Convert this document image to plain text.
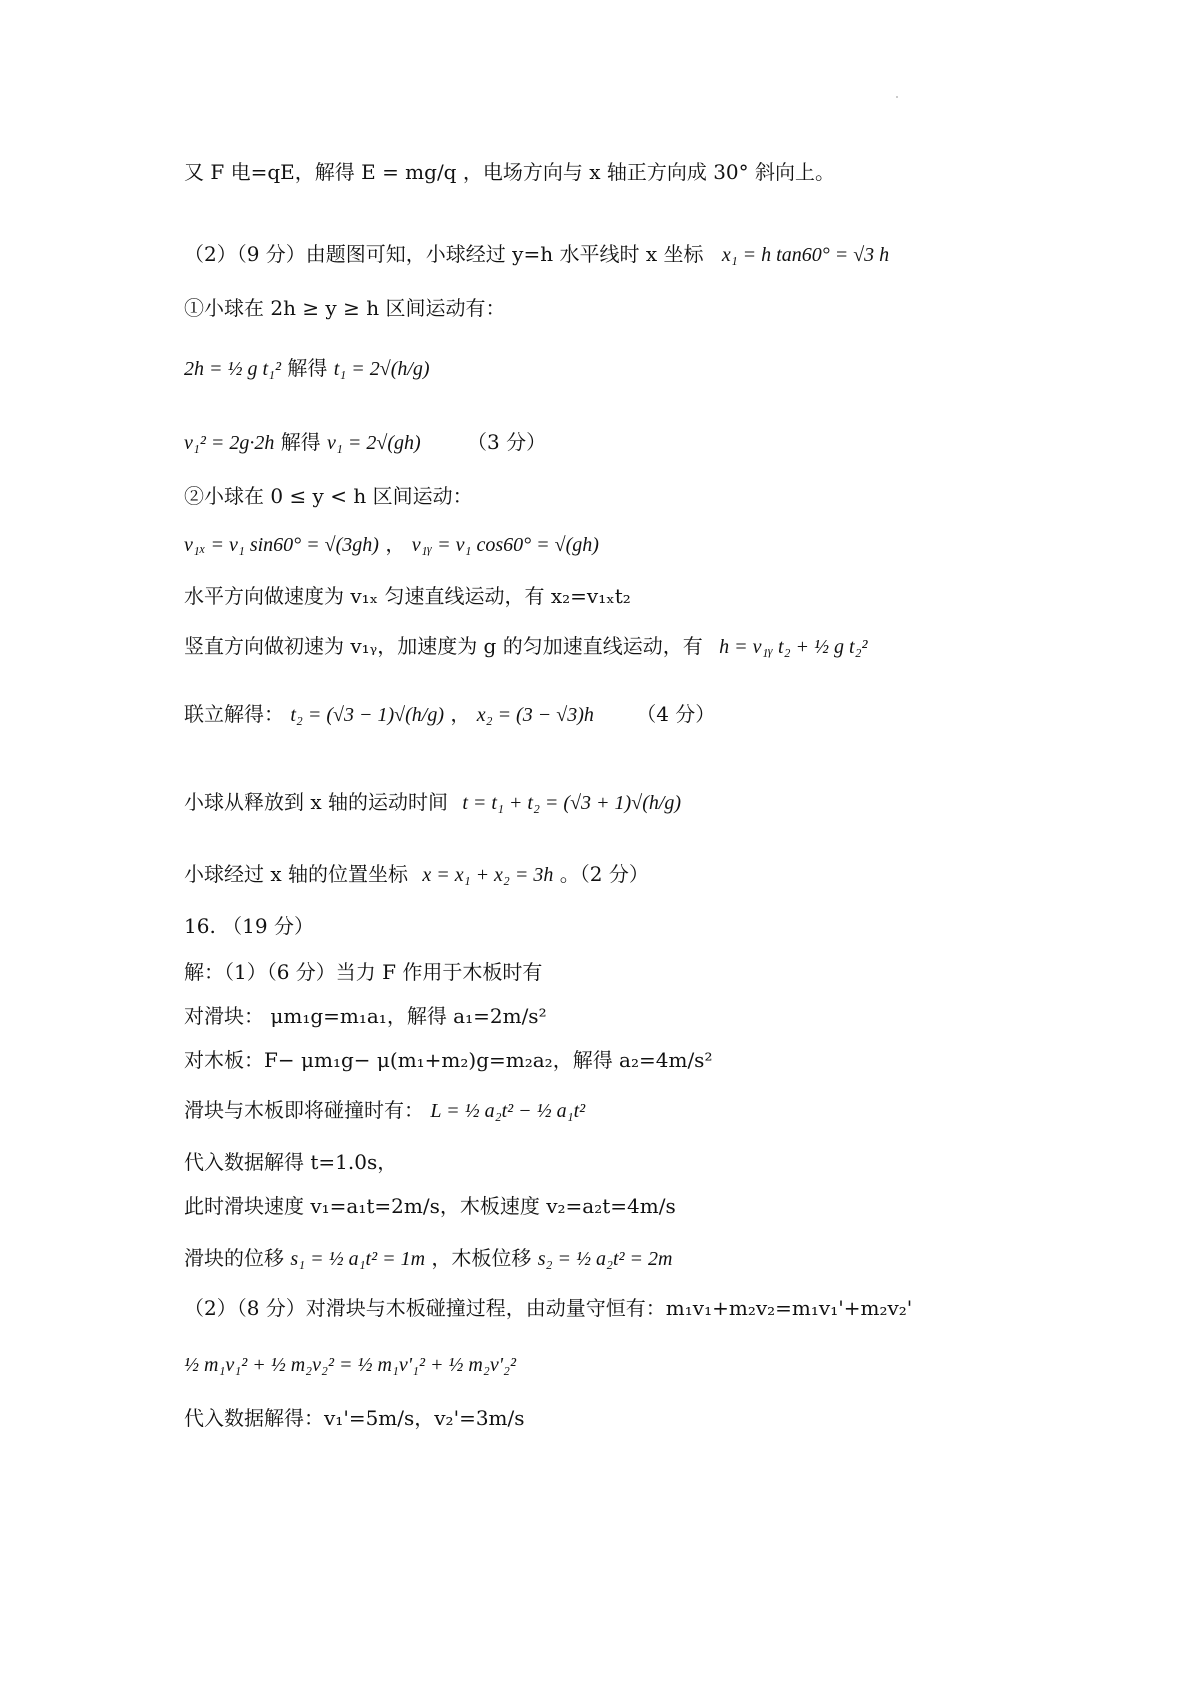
又 F 电=qE，解得 E = mg/q ，电场方向与 x 轴正方向成 30° 斜向上。
（2）（9 分）由题图可知，小球经过 y=h 水平线时 x 坐标 x₁ = h tan60° = √3 h
①小球在 2h ≥ y ≥ h 区间运动有：
2h = ½ g t₁² 解得 t₁ = 2√(h/g)
v₁² = 2g·2h 解得 v₁ = 2√(gh) （3 分）
②小球在 0 ≤ y < h 区间运动：
v₁ₓ = v₁ sin60° = √(3gh) ， v₁ᵧ = v₁ cos60° = √(gh)
水平方向做速度为 v₁ₓ 匀速直线运动，有 x₂=v₁ₓt₂
竖直方向做初速为 v₁ᵧ，加速度为 g 的匀加速直线运动，有 h = v₁ᵧ t₂ + ½ g t₂²
联立解得： t₂ = (√3 − 1)√(h/g) ， x₂ = (3 − √3)h （4 分）
小球从释放到 x 轴的运动时间 t = t₁ + t₂ = (√3 + 1)√(h/g)
小球经过 x 轴的位置坐标 x = x₁ + x₂ = 3h 。（2 分）
16. （19 分）
解：（1）（6 分）当力 F 作用于木板时有
对滑块： μm₁g=m₁a₁，解得 a₁=2m/s²
对木板：F− μm₁g− μ(m₁+m₂)g=m₂a₂，解得 a₂=4m/s²
滑块与木板即将碰撞时有： L = ½ a₂t² − ½ a₁t²
代入数据解得 t=1.0s，
此时滑块速度 v₁=a₁t=2m/s，木板速度 v₂=a₂t=4m/s
滑块的位移 s₁ = ½ a₁t² = 1m ，木板位移 s₂ = ½ a₂t² = 2m
（2）（8 分）对滑块与木板碰撞过程，由动量守恒有：m₁v₁+m₂v₂=m₁v₁'+m₂v₂'
½ m₁v₁² + ½ m₂v₂² = ½ m₁v'₁² + ½ m₂v'₂²
代入数据解得：v₁'=5m/s，v₂'=3m/s
